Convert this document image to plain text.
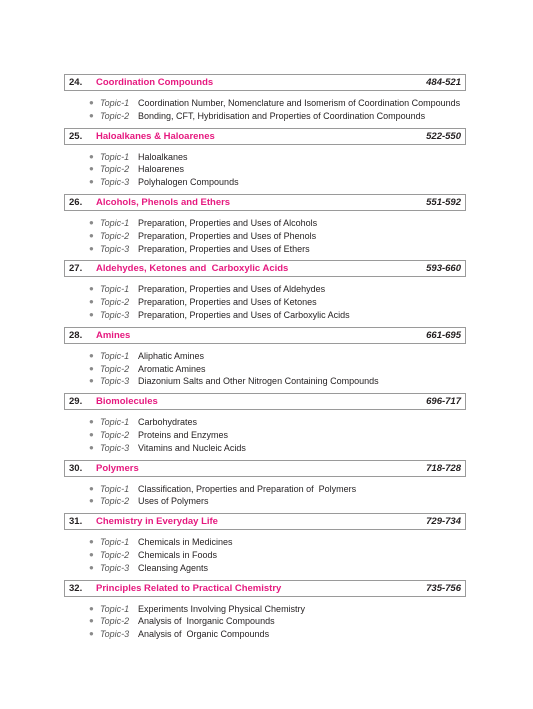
24.	Coordination Compounds	484-521
● Topic-1 Coordination Number, Nomenclature and Isomerism of Coordination Compounds
● Topic-2 Bonding, CFT, Hybridisation and Properties of Coordination Compounds
25.	Haloalkanes & Haloarenes	522-550
● Topic-1 Haloalkanes
● Topic-2 Haloarenes
● Topic-3 Polyhalogen Compounds
26.	Alcohols, Phenols and Ethers	551-592
● Topic-1 Preparation, Properties and Uses of Alcohols
● Topic-2 Preparation, Properties and Uses of Phenols
● Topic-3 Preparation, Properties and Uses of Ethers
27.	Aldehydes, Ketones and  Carboxylic Acids	593-660
● Topic-1 Preparation, Properties and Uses of Aldehydes
● Topic-2 Preparation, Properties and Uses of Ketones
● Topic-3 Preparation, Properties and Uses of Carboxylic Acids
28.	Amines	661-695
● Topic-1 Aliphatic Amines
● Topic-2 Aromatic Amines
● Topic-3 Diazonium Salts and Other Nitrogen Containing Compounds
29.	Biomolecules	696-717
● Topic-1 Carbohydrates
● Topic-2 Proteins and Enzymes
● Topic-3 Vitamins and Nucleic Acids
30.	Polymers	718-728
● Topic-1 Classification, Properties and Preparation of  Polymers
● Topic-2 Uses of Polymers
31.	Chemistry in Everyday Life	729-734
● Topic-1 Chemicals in Medicines
● Topic-2 Chemicals in Foods
● Topic-3 Cleansing Agents
32.	Principles Related to Practical Chemistry	735-756
● Topic-1 Experiments Involving Physical Chemistry
● Topic-2 Analysis of  Inorganic Compounds
● Topic-3 Analysis of  Organic Compounds
